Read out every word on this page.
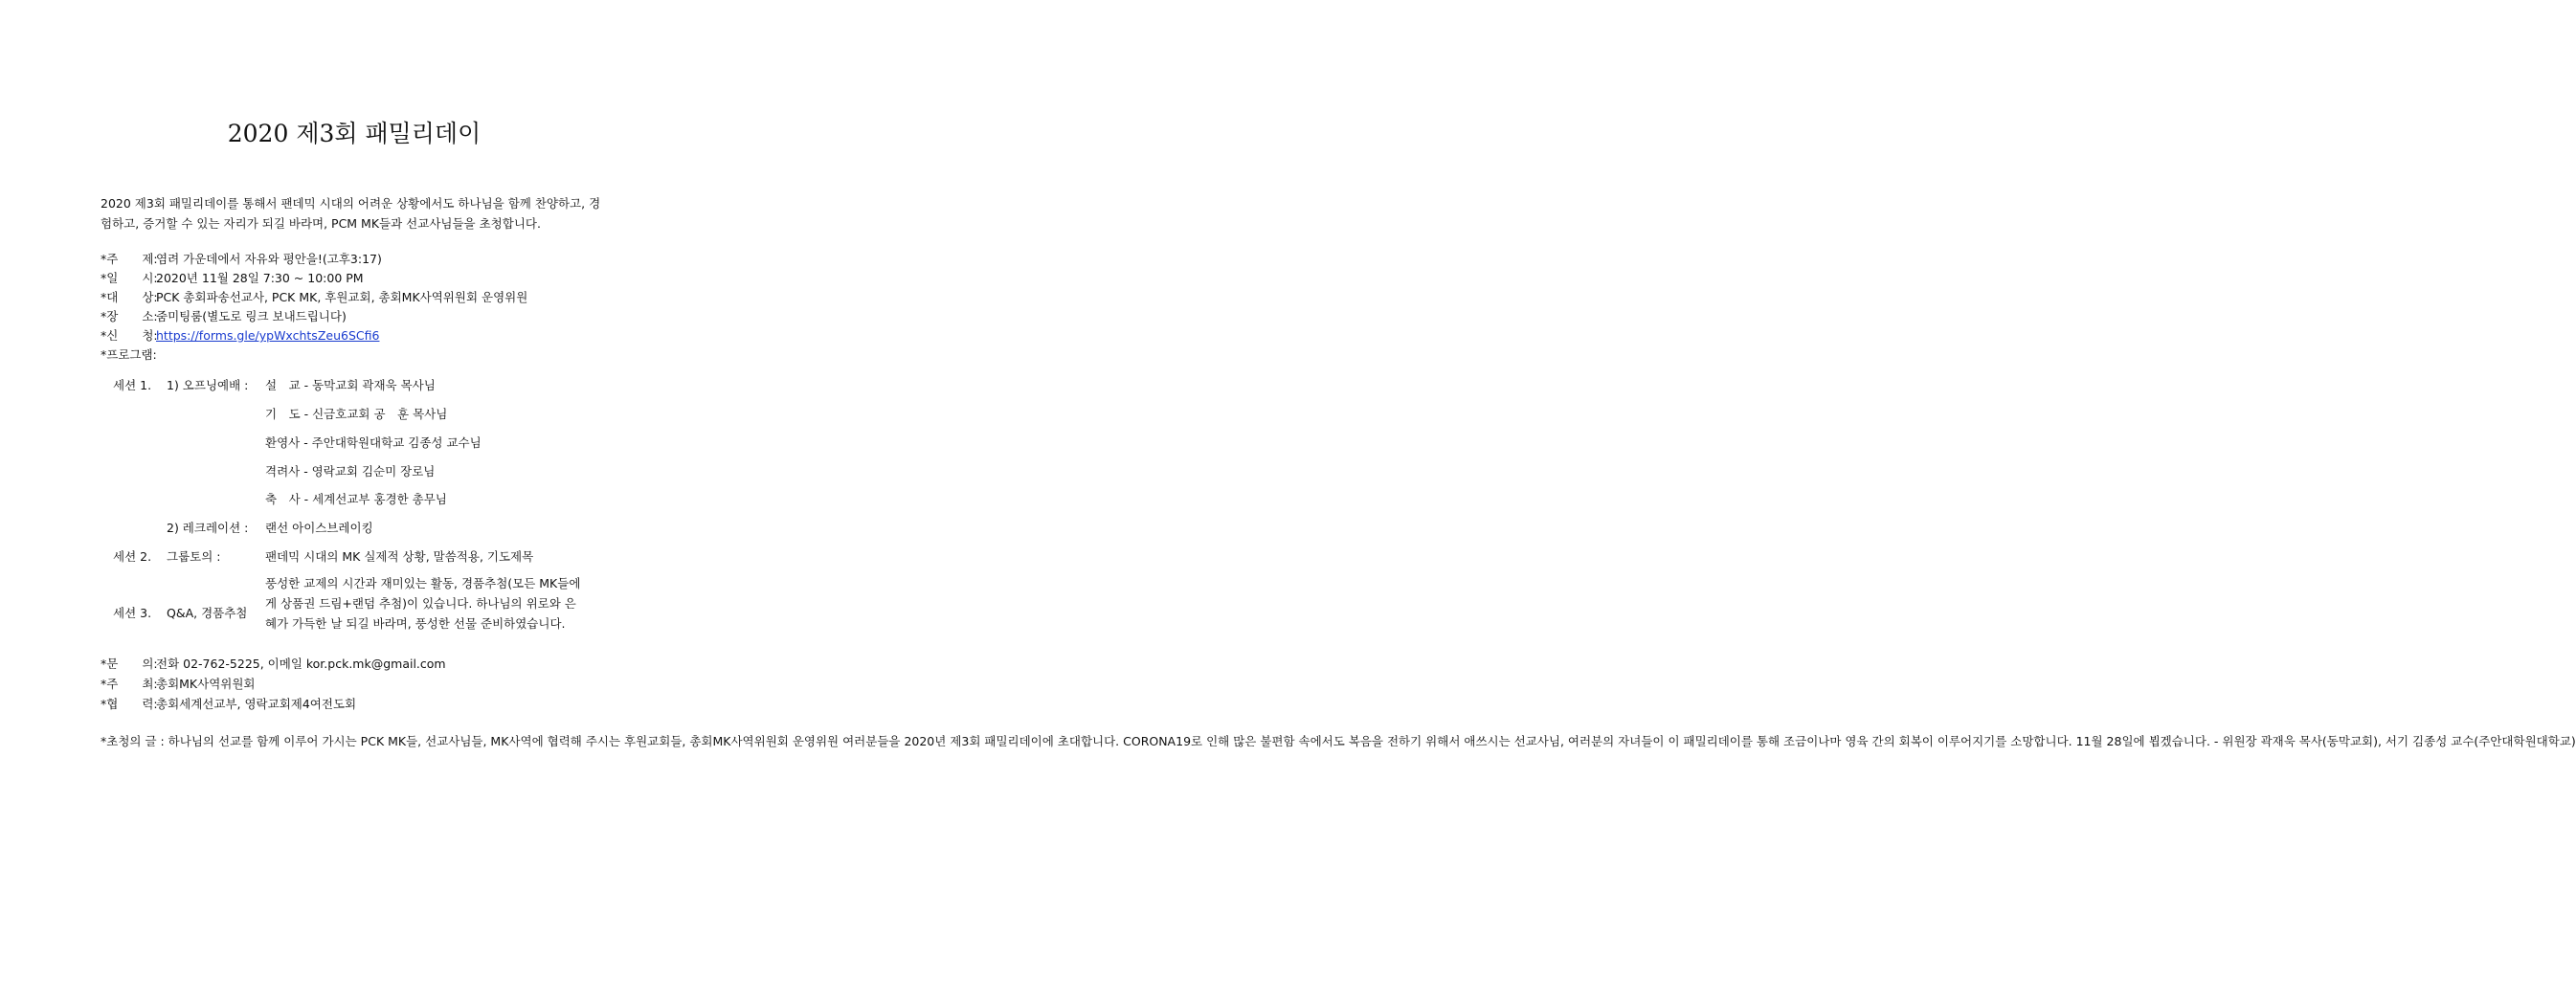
2020 제3회 패밀리데이
2020 제3회 패밀리데이를 통해서 팬데믹 시대의 어려운 상황에서도 하나님을 함께 찬양하고, 경험하고, 증거할 수 있는 자리가 되길 바라며, PCM MK들과 선교사님들을 초청합니다.
*주　　제:염려 가운데에서 자유와 평안을!(고후3:17)
*일　　시:2020년 11월 28일 7:30 ~ 10:00 PM
*대　　상:PCK 총회파송선교사, PCK MK, 후원교회, 총회MK사역위원회 운영위원
*장　　소:줌미팅룸(별도로 링크 보내드립니다)
*신　　청:https://forms.gle/ypWxchtsZeu6SCfi6
*프로그램:
세션 1. 1) 오프닝예배 : 설　교 - 동막교회 곽재욱 목사님
기　도 - 신금호교회 공　훈 목사님
환영사 - 주안대학원대학교 김종성 교수님
격려사 - 영락교회 김순미 장로님
축　사 - 세계선교부 홍경한 총무님
2) 레크레이션 : 랜선 아이스브레이킹
세션 2. 그룹토의 :	팬데믹 시대의 MK 실제적 상황, 말씀적용, 기도제목
세션 3. Q&A, 경품추첨
풍성한 교제의 시간과 재미있는 활동, 경품추첨(모든 MK들에게 상품권 드림+랜덤 추첨)이 있습니다. 하나님의 위로와 은혜가 가득한 날 되길 바라며, 풍성한 선물 준비하였습니다.
*문　　의:전화 02-762-5225, 이메일 kor.pck.mk@gmail.com
*주　　최:총회MK사역위원회
*협　　력:총회세계선교부, 영락교회제4여전도회
*초청의 글 : 하나님의 선교를 함께 이루어 가시는 PCK MK들, 선교사님들, MK사역에 협력해 주시는 후원교회들, 총회MK사역위원회 운영위원 여러분들을 2020년 제3회 패밀리데이에 초대합니다. CORONA19로 인해 많은 불편함 속에서도 복음을 전하기 위해서 애쓰시는 선교사님, 여러분의 자녀들이 이 패밀리데이를 통해 조금이나마 영육 간의 회복이 이루어지기를 소망합니다. 11월 28일에 뵙겠습니다. - 위원장 곽재욱 목사(동막교회), 서기 김종성 교수(주안대학원대학교)
